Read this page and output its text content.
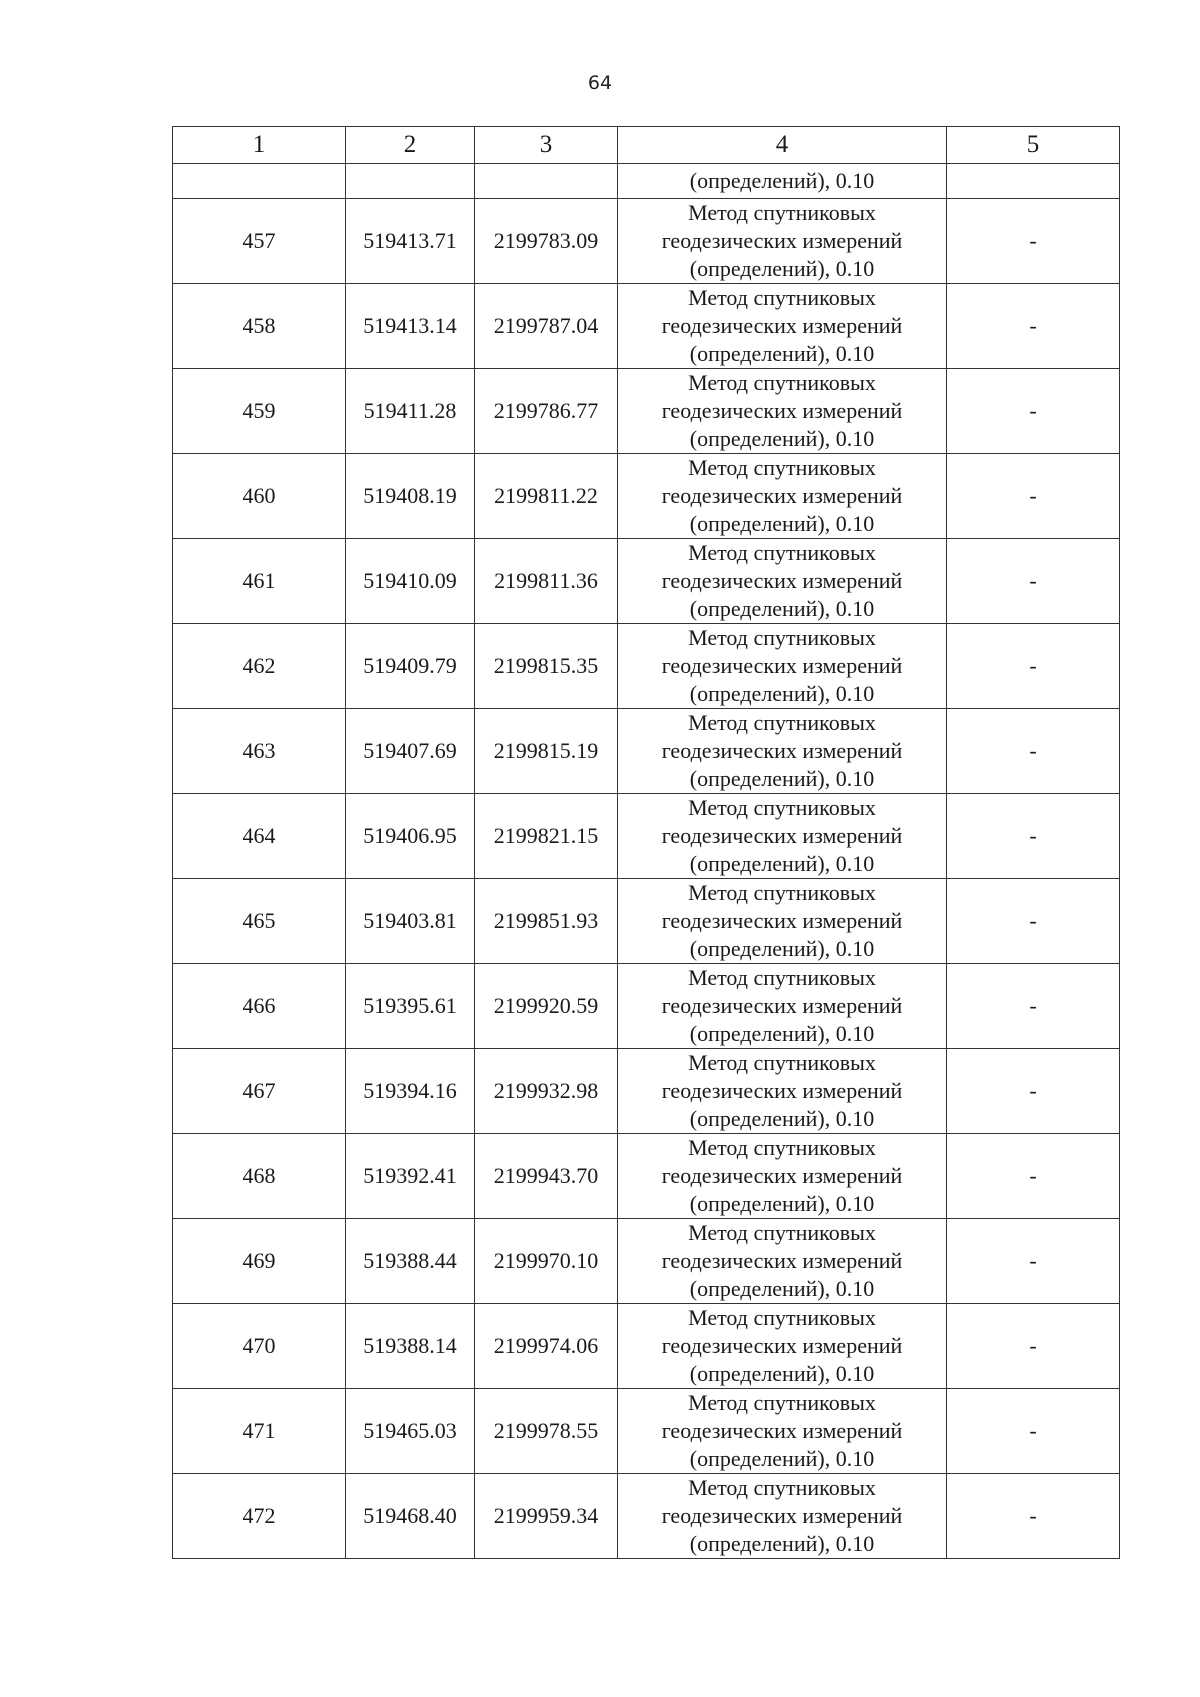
64
1	2	3	4	5
			(определений), 0.10	
457	519413.71	2199783.09	Метод спутниковых
геодезических измерений
(определений), 0.10	-
458	519413.14	2199787.04	Метод спутниковых
геодезических измерений
(определений), 0.10	-
459	519411.28	2199786.77	Метод спутниковых
геодезических измерений
(определений), 0.10	-
460	519408.19	2199811.22	Метод спутниковых
геодезических измерений
(определений), 0.10	-
461	519410.09	2199811.36	Метод спутниковых
геодезических измерений
(определений), 0.10	-
462	519409.79	2199815.35	Метод спутниковых
геодезических измерений
(определений), 0.10	-
463	519407.69	2199815.19	Метод спутниковых
геодезических измерений
(определений), 0.10	-
464	519406.95	2199821.15	Метод спутниковых
геодезических измерений
(определений), 0.10	-
465	519403.81	2199851.93	Метод спутниковых
геодезических измерений
(определений), 0.10	-
466	519395.61	2199920.59	Метод спутниковых
геодезических измерений
(определений), 0.10	-
467	519394.16	2199932.98	Метод спутниковых
геодезических измерений
(определений), 0.10	-
468	519392.41	2199943.70	Метод спутниковых
геодезических измерений
(определений), 0.10	-
469	519388.44	2199970.10	Метод спутниковых
геодезических измерений
(определений), 0.10	-
470	519388.14	2199974.06	Метод спутниковых
геодезических измерений
(определений), 0.10	-
471	519465.03	2199978.55	Метод спутниковых
геодезических измерений
(определений), 0.10	-
472	519468.40	2199959.34	Метод спутниковых
геодезических измерений
(определений), 0.10	-
